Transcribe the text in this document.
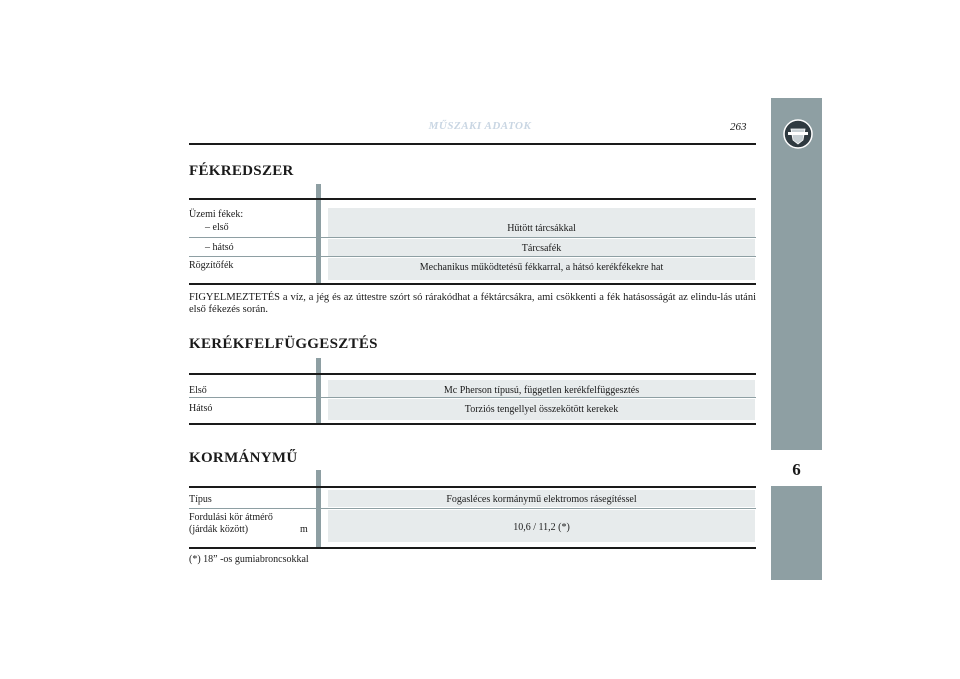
MŰSZAKI ADATOK	263
6
FÉKREDSZER
Üzemi fékek:
– első	Hűtött tárcsákkal
– hátsó	Tárcsafék
Rögzítőfék	Mechanikus működtetésű fékkarral, a hátsó kerékfékekre hat
FIGYELMEZTETÉS a víz, a jég és az úttestre szórt só rárakódhat a féktárcsákra, ami csökkenti a fék hatásosságát az elindu-lás utáni első fékezés során.
KERÉKFELFÜGGESZTÉS
Első	Mc Pherson típusú, független kerékfelfüggesztés
Hátsó	Torziós tengellyel összekötött kerekek
KORMÁNYMŰ
Típus	Fogasléces kormánymű elektromos rásegítéssel
Fordulási kör átmérő
(járdák között)	m	10,6 / 11,2 (*)
(*) 18” -os gumiabroncsokkal
